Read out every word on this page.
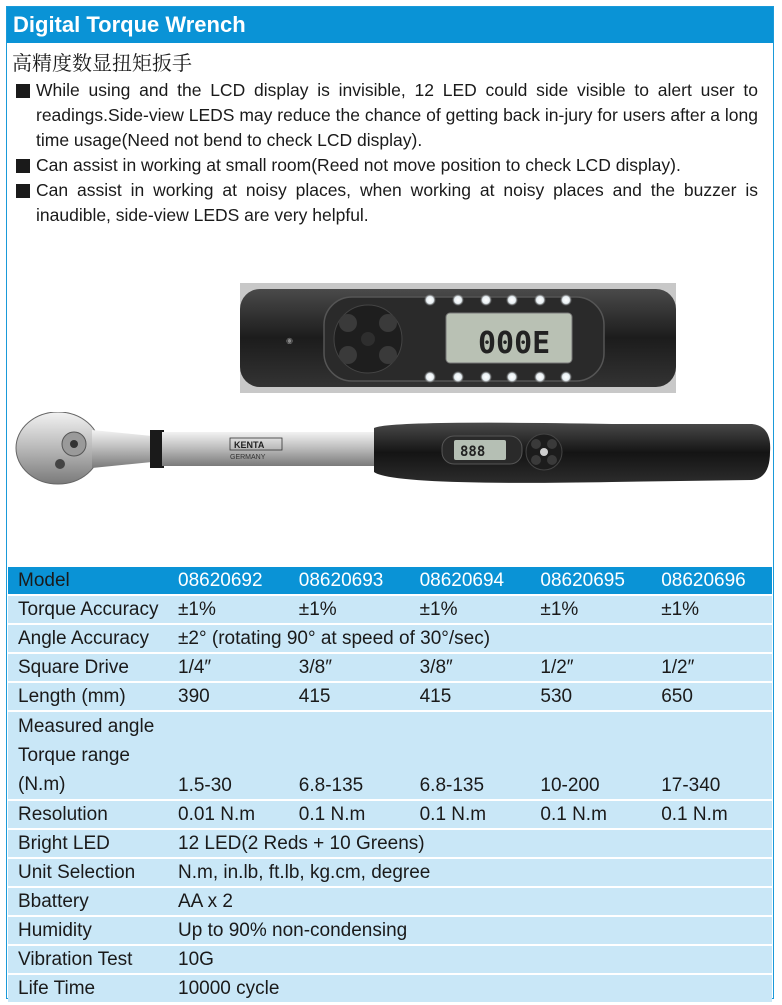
Digital Torque Wrench
高精度数显扭矩扳手
While using and the LCD display is invisible, 12 LED could side visible to alert user to readings.Side-view LEDS may reduce the chance of getting back in-jury for users after a long time usage(Need not bend to check LCD display).
Can assist in working at small room(Reed not move position to check LCD display).
Can assist in working at noisy places, when working at noisy places and the buzzer is inaudible, side-view LEDS are very helpful.
000E
◉
KENTA
GERMANY	888
Model	08620692	08620693	08620694	08620695	08620696
Torque Accuracy	±1%	±1%	±1%	±1%	±1%
Angle Accuracy	±2° (rotating 90° at speed of 30°/sec)				
Square Drive	1/4″	3/8″	3/8″	1/2″	1/2″
Length (mm)	390	415	415	530	650

Measured angle
Torque range
(N.m)	1.5-30	6.8-135	6.8-135	10-200	17-340
Resolution	0.01 N.m	0.1 N.m	0.1 N.m	0.1 N.m	0.1 N.m
Bright LED	12 LED(2 Reds + 10 Greens)				
Unit Selection	N.m, in.lb, ft.lb, kg.cm, degree				
Bbattery	AA x 2				
Humidity	Up to 90% non-condensing				
Vibration Test	10G				
Life Time	10000 cycle				
